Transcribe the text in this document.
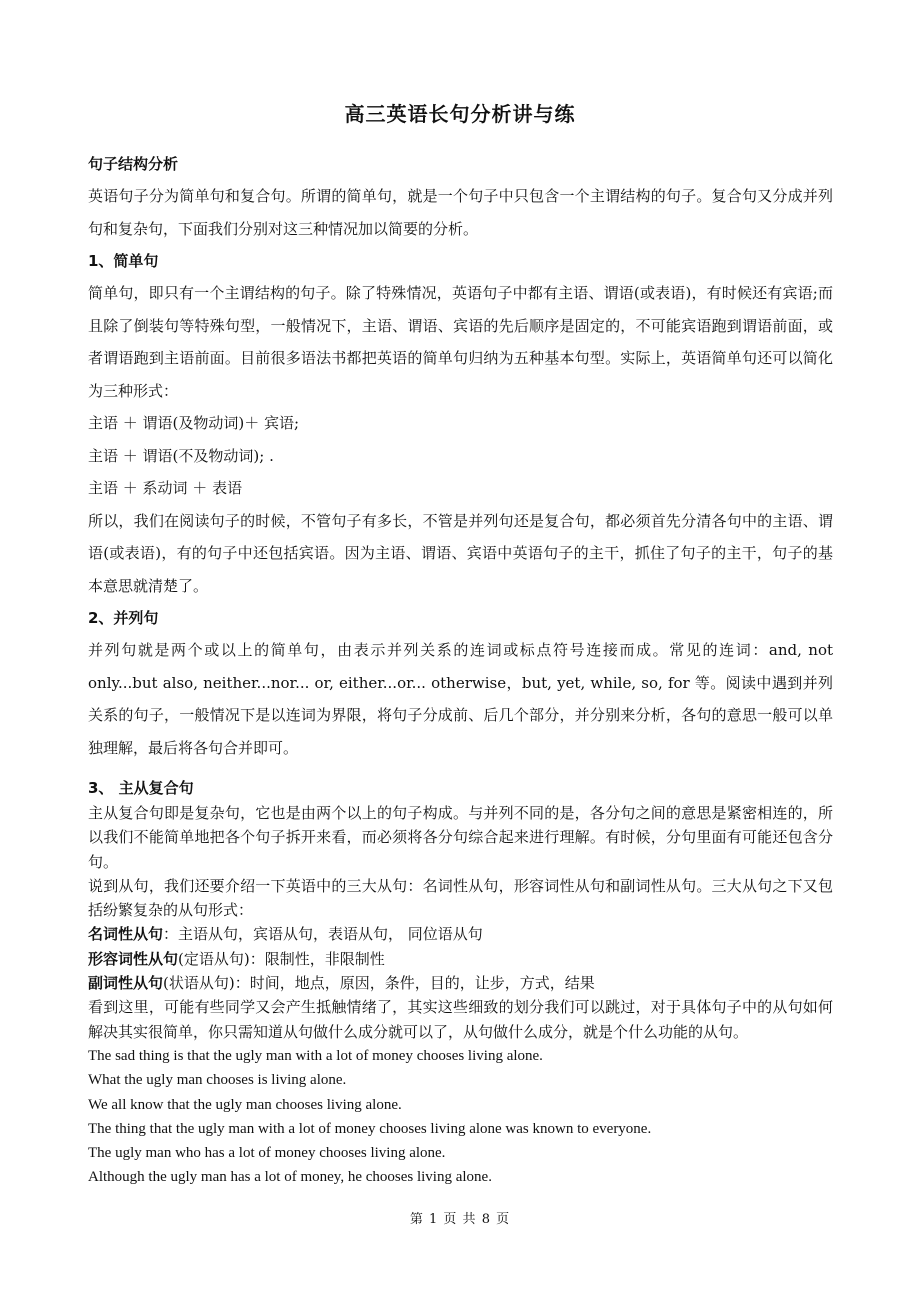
高三英语长句分析讲与练
句子结构分析
英语句子分为简单句和复合句。所谓的简单句，就是一个句子中只包含一个主谓结构的句子。复合句又分成并列句和复杂句，下面我们分别对这三种情况加以简要的分析。
1、简单句
简单句，即只有一个主谓结构的句子。除了特殊情况，英语句子中都有主语、谓语(或表语)，有时候还有宾语;而且除了倒装句等特殊句型，一般情况下，主语、谓语、宾语的先后顺序是固定的，不可能宾语跑到谓语前面，或者谓语跑到主语前面。目前很多语法书都把英语的简单句归纳为五种基本句型。实际上，英语简单句还可以简化为三种形式：
主语 ＋ 谓语(及物动词)＋ 宾语;
主语 ＋ 谓语(不及物动词); .
主语 ＋ 系动词 ＋ 表语
所以，我们在阅读句子的时候，不管句子有多长，不管是并列句还是复合句，都必须首先分清各句中的主语、谓语(或表语)，有的句子中还包括宾语。因为主语、谓语、宾语中英语句子的主干，抓住了句子的主干，句子的基本意思就清楚了。
2、并列句
并列句就是两个或以上的简单句，由表示并列关系的连词或标点符号连接而成。常见的连词：and, not only...but also, neither...nor... or, either...or... otherwise，but, yet, while, so, for 等。阅读中遇到并列关系的句子，一般情况下是以连词为界限，将句子分成前、后几个部分，并分别来分析，各句的意思一般可以单独理解，最后将各句合并即可。
3、 主从复合句
主从复合句即是复杂句，它也是由两个以上的句子构成。与并列不同的是，各分句之间的意思是紧密相连的，所以我们不能简单地把各个句子拆开来看，而必须将各分句综合起来进行理解。有时候，分句里面有可能还包含分句。
说到从句，我们还要介绍一下英语中的三大从句：名词性从句，形容词性从句和副词性从句。三大从句之下又包括纷繁复杂的从句形式：
名词性从句：主语从句，宾语从句，表语从句， 同位语从句
形容词性从句(定语从句)：限制性，非限制性
副词性从句(状语从句)：时间，地点，原因，条件，目的，让步，方式，结果
看到这里，可能有些同学又会产生抵触情绪了，其实这些细致的划分我们可以跳过，对于具体句子中的从句如何解决其实很简单，你只需知道从句做什么成分就可以了，从句做什么成分，就是个什么功能的从句。
The sad thing is that the ugly man with a lot of money chooses living alone.
What the ugly man chooses is living alone.
We all know that the ugly man chooses living alone.
The thing that the ugly man with a lot of money chooses living alone was known to everyone.
The ugly man who has a lot of money chooses living alone.
Although the ugly man has a lot of money, he chooses living alone.
第 1 页 共 8 页
